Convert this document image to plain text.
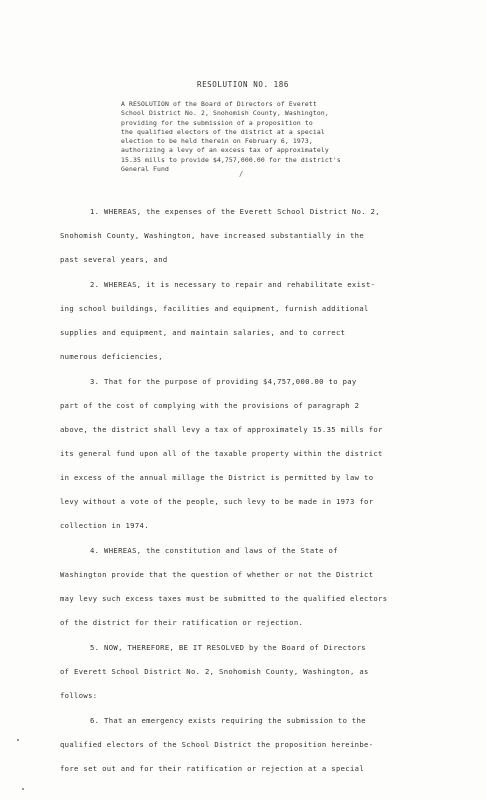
RESOLUTION NO. 186
A RESOLUTION of the Board of Directors of Everett
School District No. 2, Snohomish County, Washington,
providing for the submission of a proposition to
the qualified electors of the district at a special
election to be held therein on February 6, 1973,
authorizing a levy of an excess tax of approximately
15.35 mills to provide $4,757,000.00 for the district's
General Fund
/
1. WHEREAS, the expenses of the Everett School District No. 2,
Snohomish County, Washington, have increased substantially in the
past several years, and
2. WHEREAS, it is necessary to repair and rehabilitate exist-
ing school buildings, facilities and equipment, furnish additional
supplies and equipment, and maintain salaries, and to correct
numerous deficiencies,
3. That for the purpose of providing $4,757,000.00 to pay
part of the cost of complying with the provisions of paragraph 2
above, the district shall levy a tax of approximately 15.35 mills for
its general fund upon all of the taxable property within the district
in excess of the annual millage the District is permitted by law to
levy without a vote of the people, such levy to be made in 1973 for
collection in 1974.
4. WHEREAS, the constitution and laws of the State of
Washington provide that the question of whether or not the District
may levy such excess taxes must be submitted to the qualified electors
of the district for their ratification or rejection.
5. NOW, THEREFORE, BE IT RESOLVED by the Board of Directors
of Everett School District No. 2, Snohomish County, Washington, as
follows:
6. That an emergency exists requiring the submission to the
qualified electors of the School District the proposition hereinbe-
fore set out and for their ratification or rejection at a special
